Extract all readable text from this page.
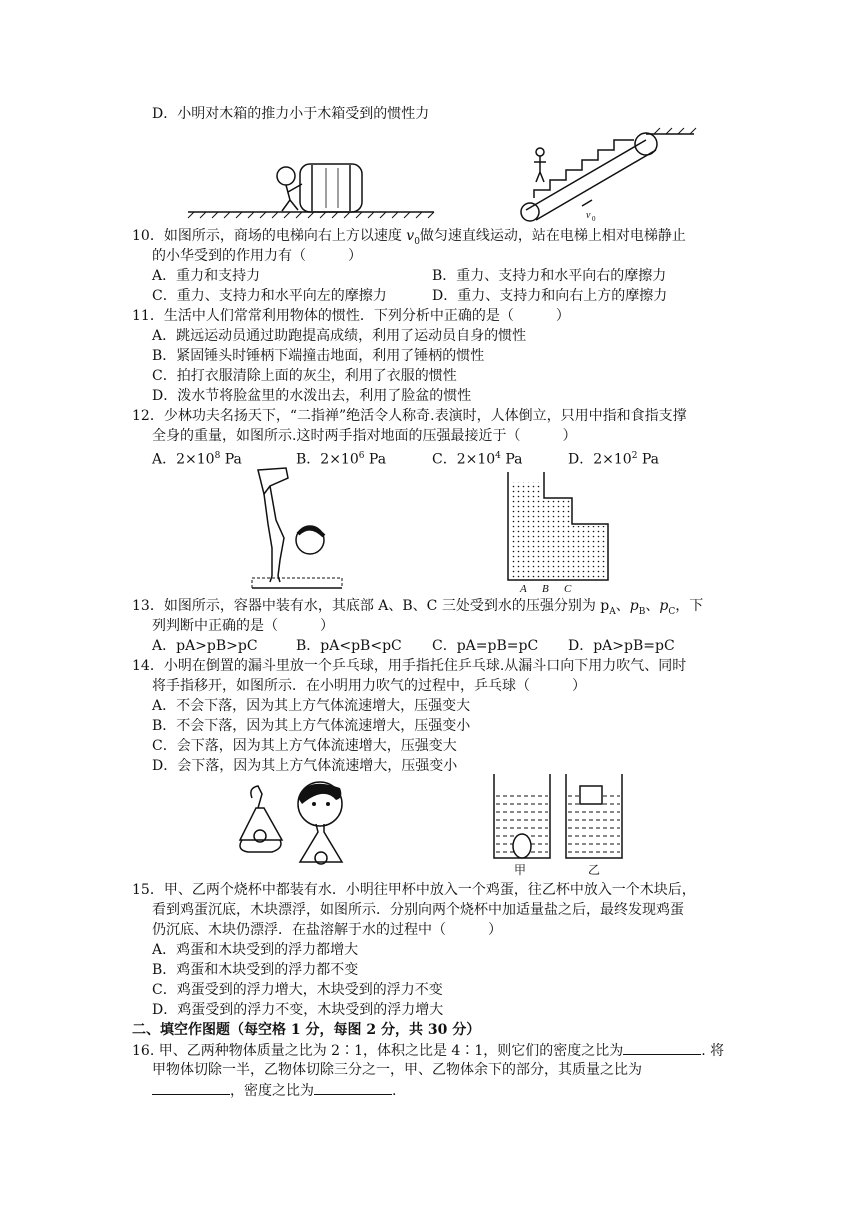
D．小明对木箱的推力小于木箱受到的惯性力
v 0
10．如图所示，商场的电梯向右上方以速度 $v_0$做匀速直线运动，站在电梯上相对电梯静止
的小华受到的作用力有（　　　）
A．重力和支持力	B．重力、支持力和水平向右的摩擦力
C．重力、支持力和水平向左的摩擦力	D．重力、支持力和向右上方的摩擦力
11．生活中人们常常利用物体的惯性．下列分析中正确的是（　　　）
A．跳远运动员通过助跑提高成绩，利用了运动员自身的惯性
B．紧固锤头时锤柄下端撞击地面，利用了锤柄的惯性
C．拍打衣服清除上面的灰尘，利用了衣服的惯性
D．泼水节将脸盆里的水泼出去，利用了脸盆的惯性
12．少林功夫名扬天下，“二指禅”绝活令人称奇.表演时，人体倒立，只用中指和食指支撑
全身的重量，如图所示.这时两手指对地面的压强最接近于（　　　）
A．$2\times 10^8$ Pa	B．$2\times 10^6$ Pa	C．$2\times 10^4$ Pa	D．$2\times 10^2$ Pa
A B C
13．如图所示，容器中装有水，其底部 A、B、C 三处受到水的压强分别为 $p_A$、$p_B$、$p_C$，下
列判断中正确的是（　　　）
A．pA>pB>pC	B．pA<pB<pC C．pA=pB=pC D．pA>pB=pC
14．小明在倒置的漏斗里放一个乒乓球，用手指托住乒乓球.从漏斗口向下用力吹气、同时
将手指移开，如图所示．在小明用力吹气的过程中，乒乓球（　　　）
A．不会下落，因为其上方气体流速增大，压强变大
B．不会下落，因为其上方气体流速增大，压强变小
C．会下落，因为其上方气体流速增大，压强变大
D．会下落，因为其上方气体流速增大，压强变小
甲	乙
15．甲、乙两个烧杯中都装有水．小明往甲杯中放入一个鸡蛋，往乙杯中放入一个木块后，
看到鸡蛋沉底，木块漂浮，如图所示．分别向两个烧杯中加适量盐之后，最终发现鸡蛋
仍沉底、木块仍漂浮．在盐溶解于水的过程中（　　　）
A．鸡蛋和木块受到的浮力都增大
B．鸡蛋和木块受到的浮力都不变
C．鸡蛋受到的浮力增大，木块受到的浮力不变
D．鸡蛋受到的浮力不变，木块受到的浮力增大
二、填空作图题（每空格 1 分，每图 2 分，共 30 分）
16. 甲、乙两种物体质量之比为 2∶1，体积之比是 4∶1，则它们的密度之比为	. 将
甲物体切除一半，乙物体切除三分之一，甲、乙物体余下的部分，其质量之比为
，密度之比为	.
